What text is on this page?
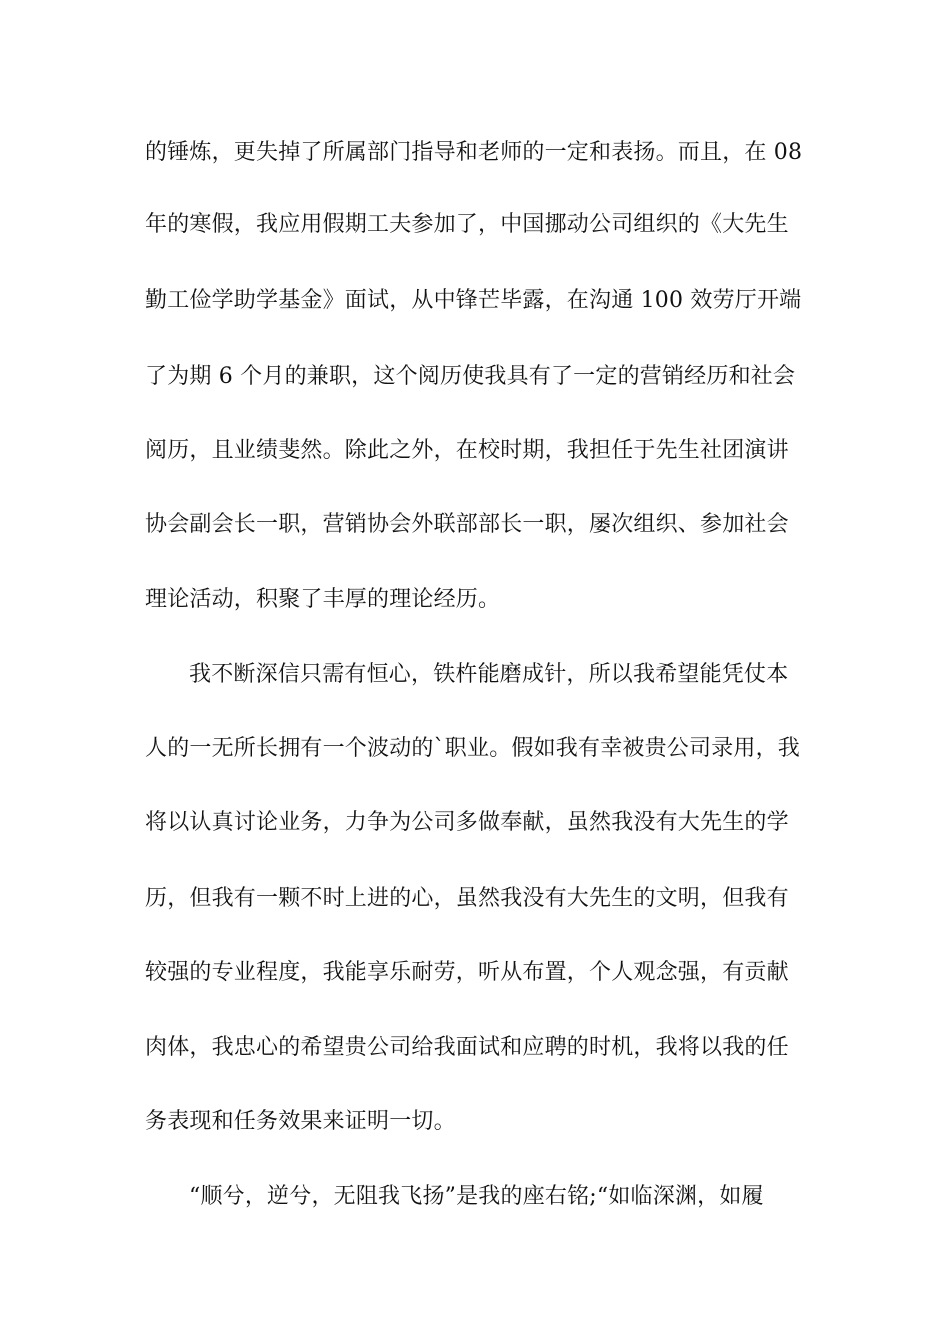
的锤炼，更失掉了所属部门指导和老师的一定和表扬。而且，在 08
年的寒假，我应用假期工夫参加了，中国挪动公司组织的《大先生
勤工俭学助学基金》面试，从中锋芒毕露，在沟通 100 效劳厅开端
了为期 6 个月的兼职，这个阅历使我具有了一定的营销经历和社会
阅历，且业绩斐然。除此之外，在校时期，我担任于先生社团演讲
协会副会长一职，营销协会外联部部长一职，屡次组织、参加社会
理论活动，积聚了丰厚的理论经历。
我不断深信只需有恒心，铁杵能磨成针，所以我希望能凭仗本
人的一无所长拥有一个波动的`职业。假如我有幸被贵公司录用，我
将以认真讨论业务，力争为公司多做奉献，虽然我没有大先生的学
历，但我有一颗不时上进的心，虽然我没有大先生的文明，但我有
较强的专业程度，我能享乐耐劳，听从布置，个人观念强，有贡献
肉体，我忠心的希望贵公司给我面试和应聘的时机，我将以我的任
务表现和任务效果来证明一切。
“顺兮，逆兮，无阻我飞扬”是我的座右铭;“如临深渊，如履
